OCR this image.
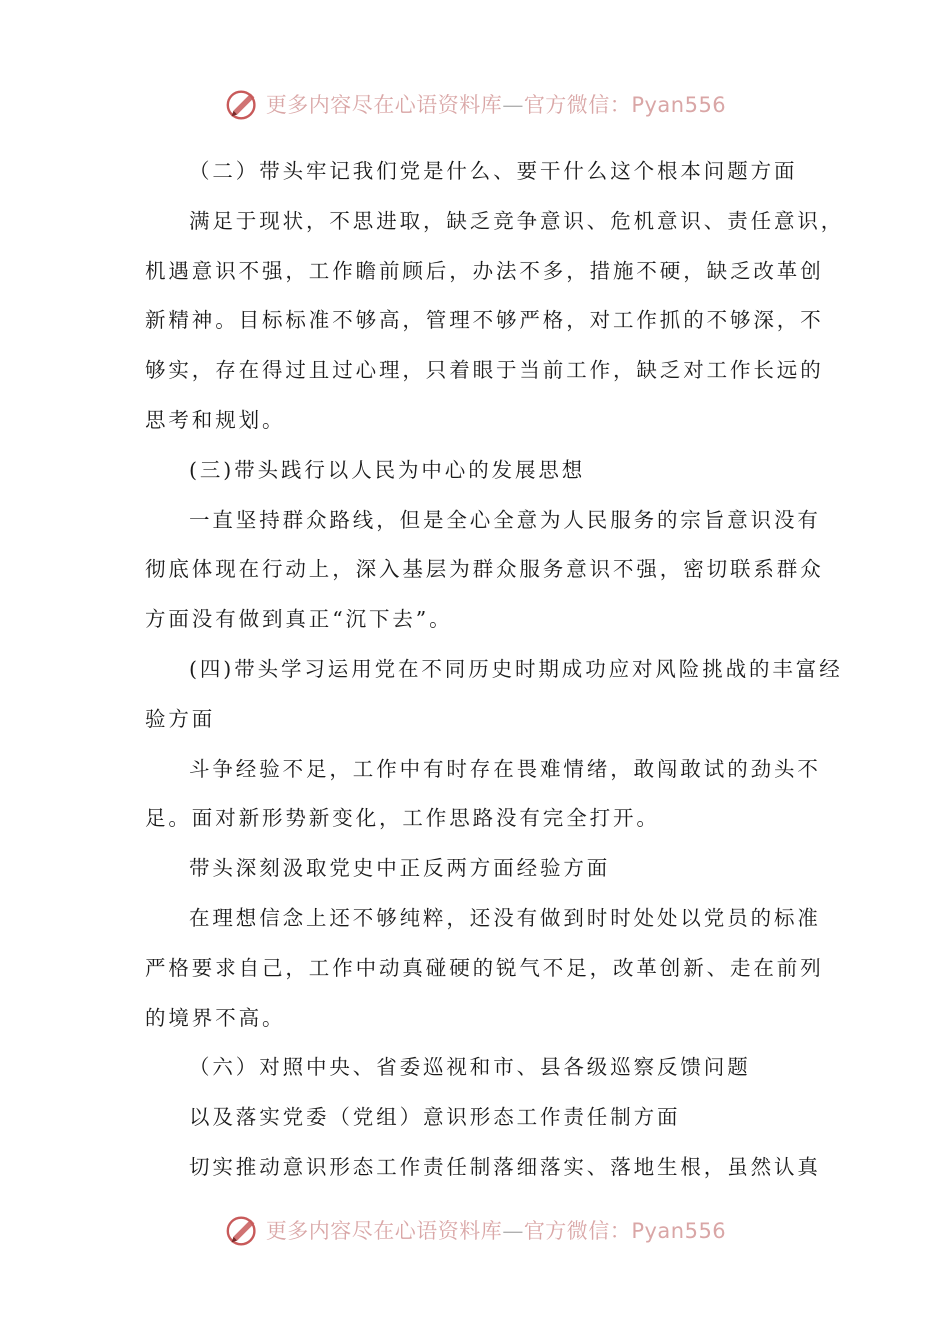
更多内容尽在心语资料库—官方微信：Pyan556
（二）带头牢记我们党是什么、要干什么这个根本问题方面
满足于现状，不思进取，缺乏竞争意识、危机意识、责任意识，
机遇意识不强，工作瞻前顾后，办法不多，措施不硬，缺乏改革创
新精神。目标标准不够高，管理不够严格，对工作抓的不够深，不
够实，存在得过且过心理，只着眼于当前工作，缺乏对工作长远的
思考和规划。
(三)带头践行以人民为中心的发展思想
一直坚持群众路线，但是全心全意为人民服务的宗旨意识没有
彻底体现在行动上，深入基层为群众服务意识不强，密切联系群众
方面没有做到真正“沉下去”。
(四)带头学习运用党在不同历史时期成功应对风险挑战的丰富经
验方面
斗争经验不足，工作中有时存在畏难情绪，敢闯敢试的劲头不
足。面对新形势新变化，工作思路没有完全打开。
带头深刻汲取党史中正反两方面经验方面
在理想信念上还不够纯粹，还没有做到时时处处以党员的标准
严格要求自己，工作中动真碰硬的锐气不足，改革创新、走在前列
的境界不高。
（六）对照中央、省委巡视和市、县各级巡察反馈问题
以及落实党委（党组）意识形态工作责任制方面
切实推动意识形态工作责任制落细落实、落地生根，虽然认真
更多内容尽在心语资料库—官方微信：Pyan556
